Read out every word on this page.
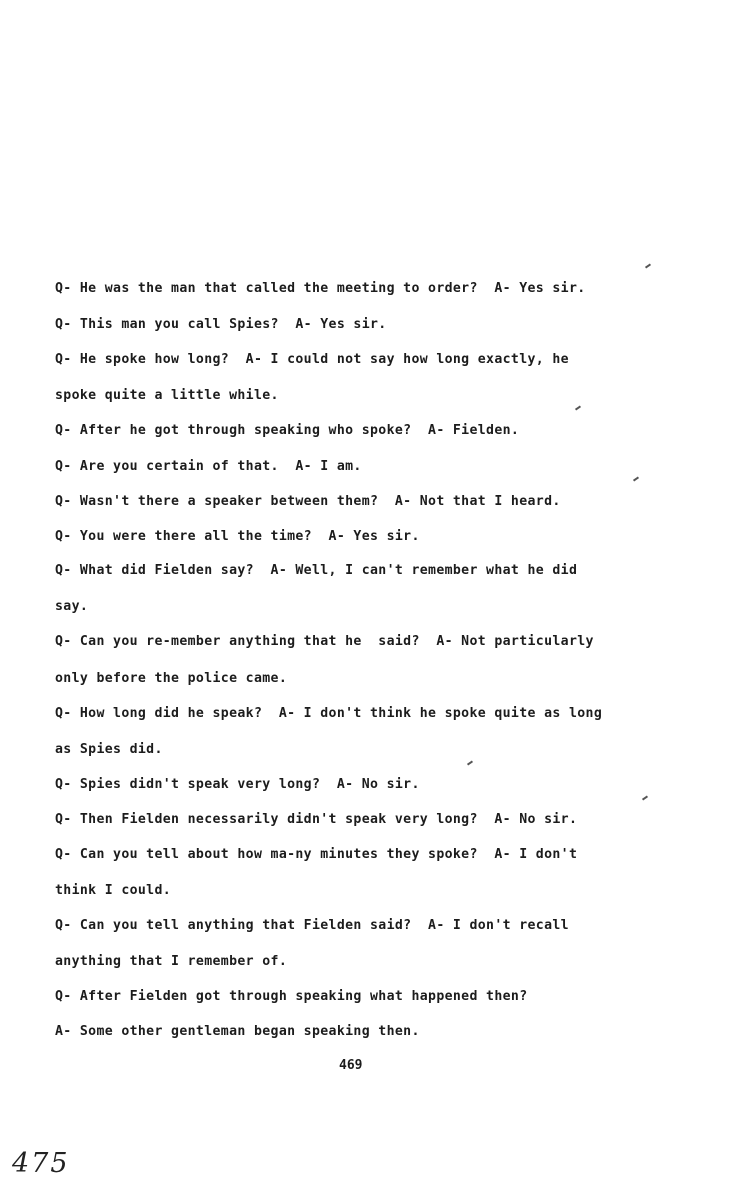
Q- He was the man that called the meeting to order?  A- Yes sir.
Q- This man you call Spies?  A- Yes sir.
Q- He spoke how long?  A- I could not say how long exactly, he
spoke quite a little while.
Q- After he got through speaking who spoke?  A- Fielden.
Q- Are you certain of that.  A- I am.
Q- Wasn't there a speaker between them?  A- Not that I heard.
Q- You were there all the time?  A- Yes sir.
Q- What did Fielden say?  A- Well, I can't remember what he did
say.
Q- Can you re-member anything that he  said?  A- Not particularly
only before the police came.
Q- How long did he speak?  A- I don't think he spoke quite as long
as Spies did.
Q- Spies didn't speak very long?  A- No sir.
Q- Then Fielden necessarily didn't speak very long?  A- No sir.
Q- Can you tell about how ma-ny minutes they spoke?  A- I don't
think I could.
Q- Can you tell anything that Fielden said?  A- I don't recall
anything that I remember of.
Q- After Fielden got through speaking what happened then?
A- Some other gentleman began speaking then.
469
475
